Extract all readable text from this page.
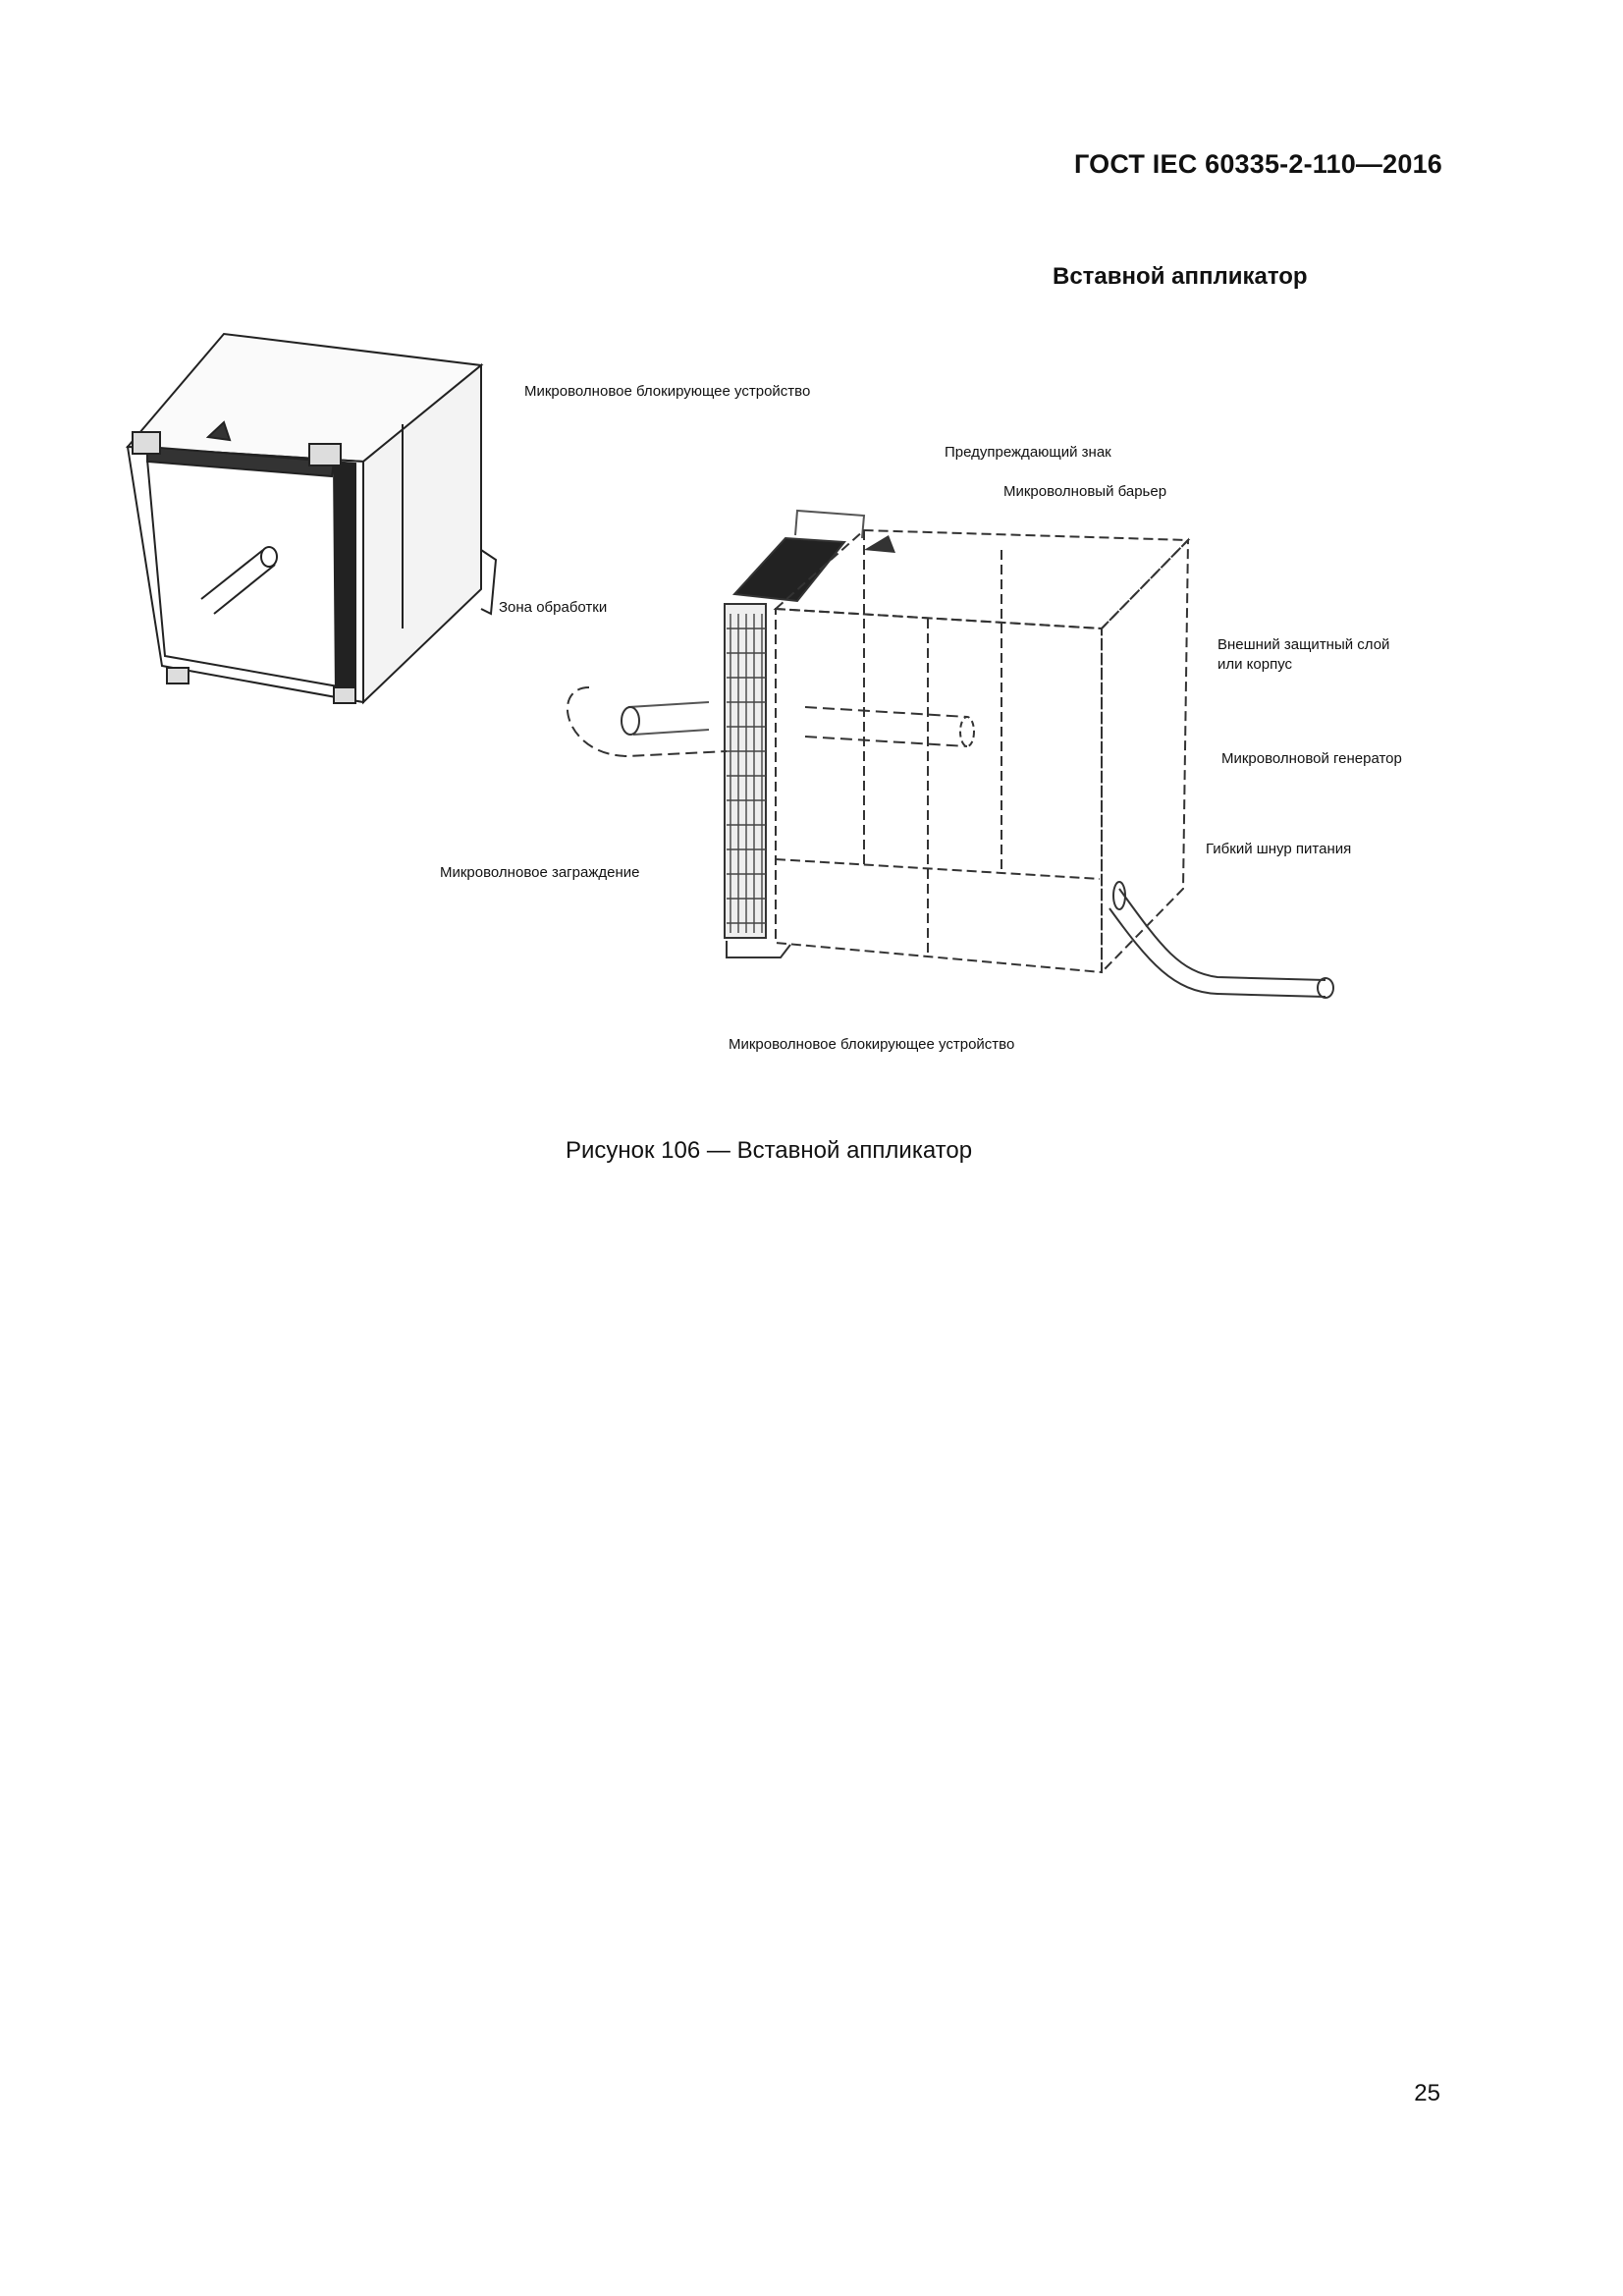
ГОСТ IEC 60335-2-110—2016
Вставной аппликатор
Микроволновое блокирующее устройство
Предупреждающий знак
Микроволновый барьер
Зона обработки
Внешний защитный слой
или корпус
Микроволновой генератор
Гибкий шнур питания
Микроволновое заграждение
Микроволновое блокирующее устройство
Рисунок 106 — Вставной аппликатор
25
